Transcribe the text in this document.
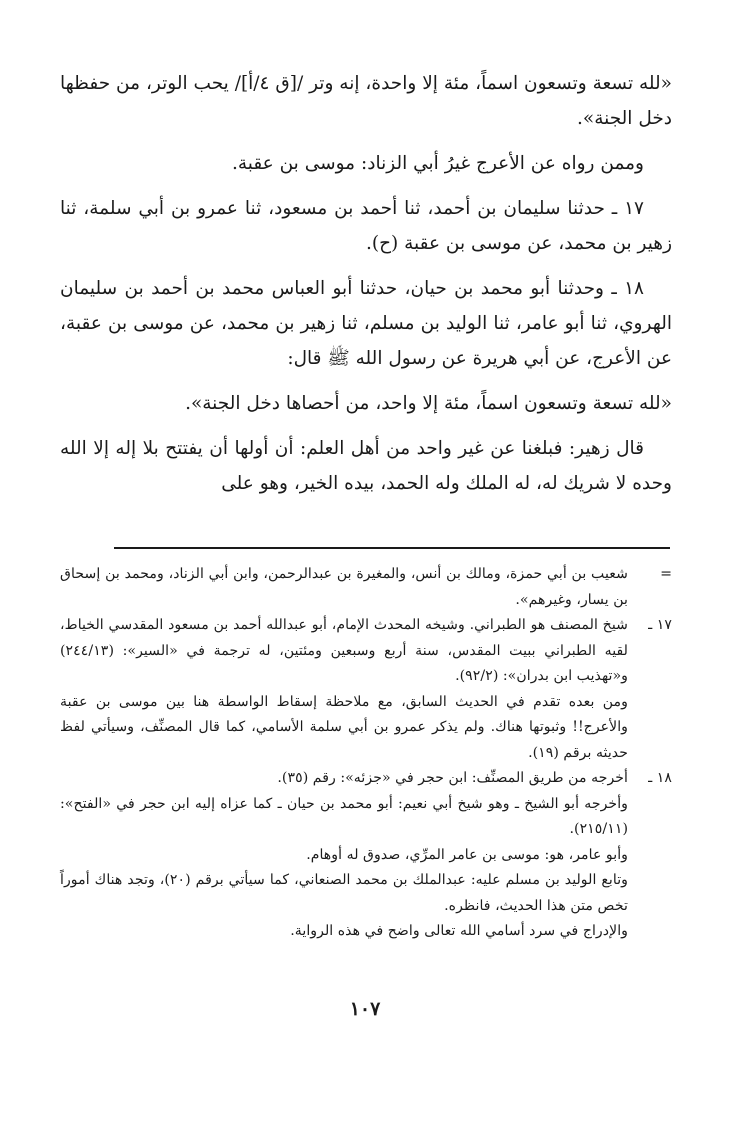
«لله تسعة وتسعون اسماً، مئة إلا واحدة، إنه وتر /[ق ٤/أ]/ يحب الوتر، من حفظها دخل الجنة».

وممن رواه عن الأعرج غيرُ أبي الزناد: موسى بن عقبة.

١٧ ـ حدثنا سليمان بن أحمد، ثنا أحمد بن مسعود، ثنا عمرو بن أبي سلمة، ثنا زهير بن محمد، عن موسى بن عقبة (ح).

١٨ ـ وحدثنا أبو محمد بن حيان، حدثنا أبو العباس محمد بن أحمد بن سليمان الهروي، ثنا أبو عامر، ثنا الوليد بن مسلم، ثنا زهير بن محمد، عن موسى بن عقبة، عن الأعرج، عن أبي هريرة عن رسول الله ﷺ قال:

«لله تسعة وتسعون اسماً، مئة إلا واحد، من أحصاها دخل الجنة».

قال زهير: فبلغنا عن غير واحد من أهل العلم: أن أولها أن يفتتح بلا إله إلا الله وحده لا شريك له، له الملك وله الحمد، بيده الخير، وهو على

=

شعيب بن أبي حمزة، ومالك بن أنس، والمغيرة بن عبدالرحمن، وابن أبي الزناد، ومحمد بن إسحاق بن يسار، وغيرهم».

١٧ ـ

شيخ المصنف هو الطبراني. وشيخه المحدث الإمام، أبو عبدالله أحمد بن مسعود المقدسي الخياط، لقيه الطبراني ببيت المقدس، سنة أربع وسبعين ومئتين، له ترجمة في «السير»: (٢٤٤/١٣) و«تهذيب ابن بدران»: (٩٢/٢).

ومن بعده تقدم في الحديث السابق، مع ملاحظة إسقاط الواسطة هنا بين موسى بن عقبة والأعرج!! وثبوتها هناك. ولم يذكر عمرو بن أبي سلمة الأسامي، كما قال المصنِّف، وسيأتي لفظ حديثه برقم (١٩).

١٨ ـ

أخرجه من طريق المصنِّف: ابن حجر في «جزئه»: رقم (٣٥).

وأخرجه أبو الشيخ ـ وهو شيخ أبي نعيم: أبو محمد بن حيان ـ كما عزاه إليه ابن حجر في «الفتح»: (٢١٥/١١).

وأبو عامر، هو: موسى بن عامر المرِّي، صدوق له أوهام.

وتابع الوليد بن مسلم عليه: عبدالملك بن محمد الصنعاني، كما سيأتي برقم (٢٠)، وتجد هناك أموراً تخص متن هذا الحديث، فانظره.

والإدراج في سرد أسامي الله تعالى واضح في هذه الرواية.

١٠٧
